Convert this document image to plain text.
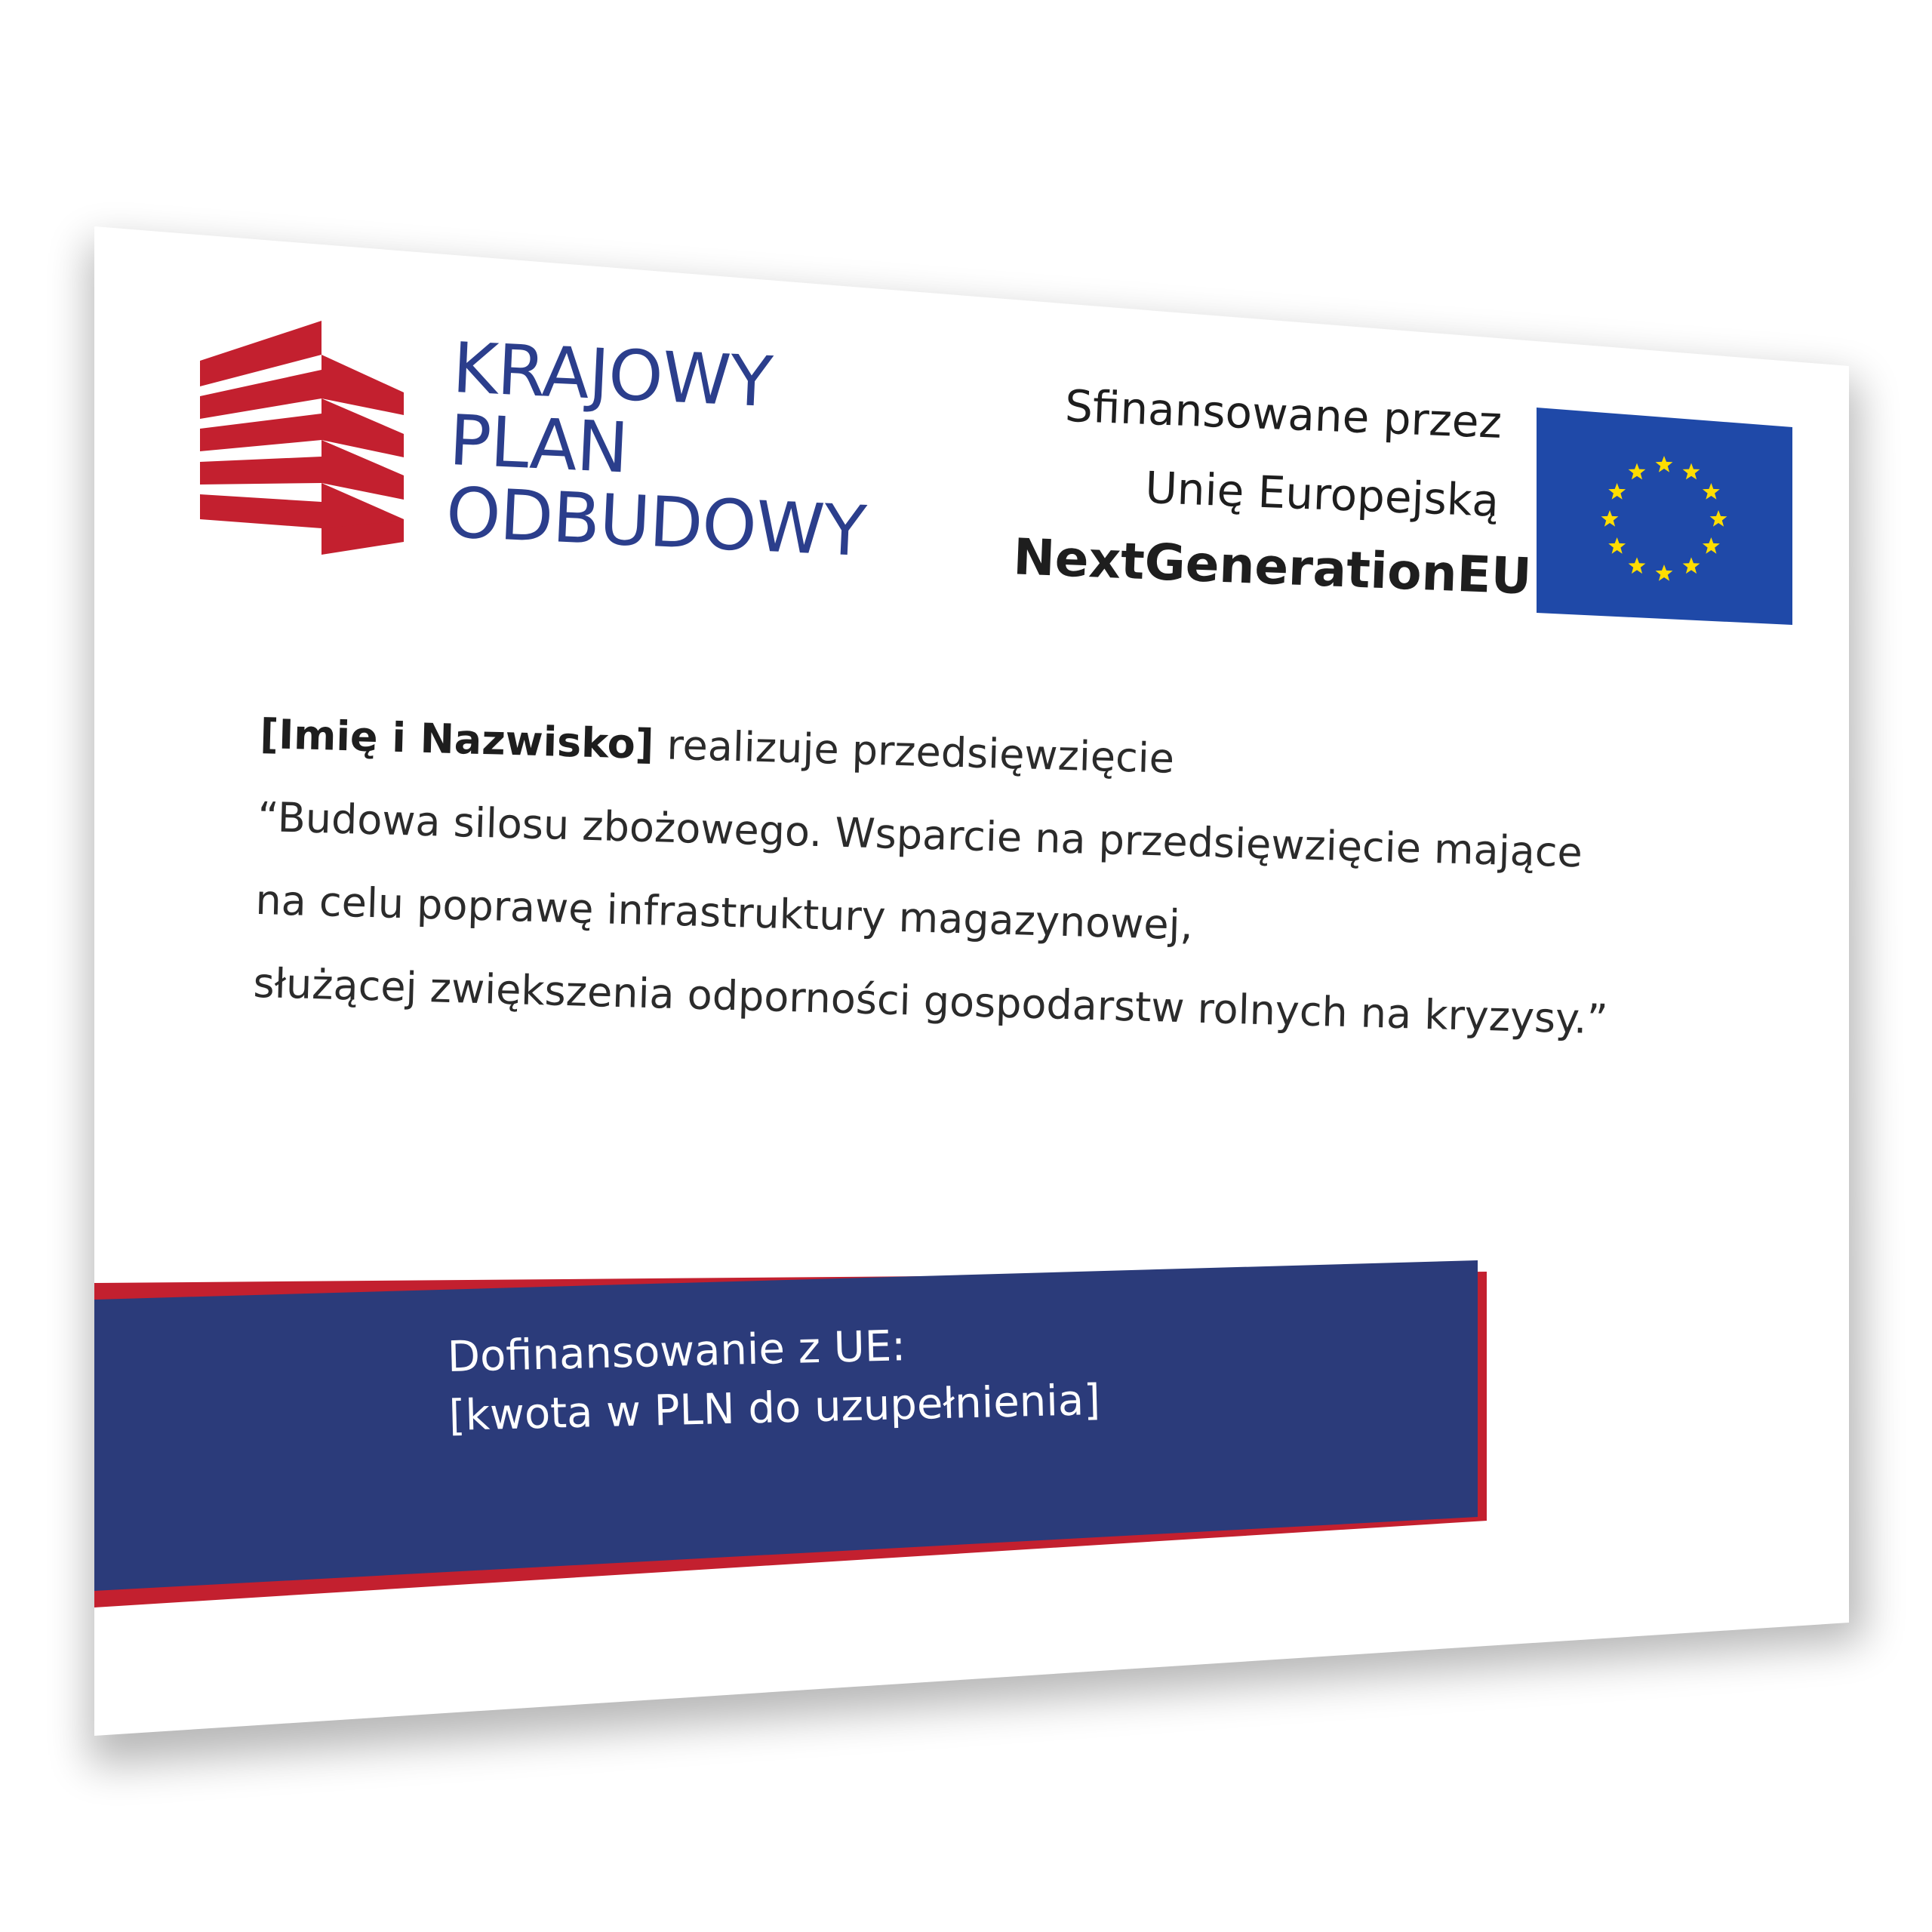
KRAJOWY
PLAN
ODBUDOWY
Sfinansowane przez
Unię Europejską
NextGenerationEU
[Imię i Nazwisko] realizuje przedsięwzięcie
“Budowa silosu zbożowego. Wsparcie na przedsięwzięcie mające
na celu poprawę infrastruktury magazynowej,
służącej zwiększenia odporności gospodarstw rolnych na kryzysy.”
Dofinansowanie z UE:
[kwota w PLN do uzupełnienia]
